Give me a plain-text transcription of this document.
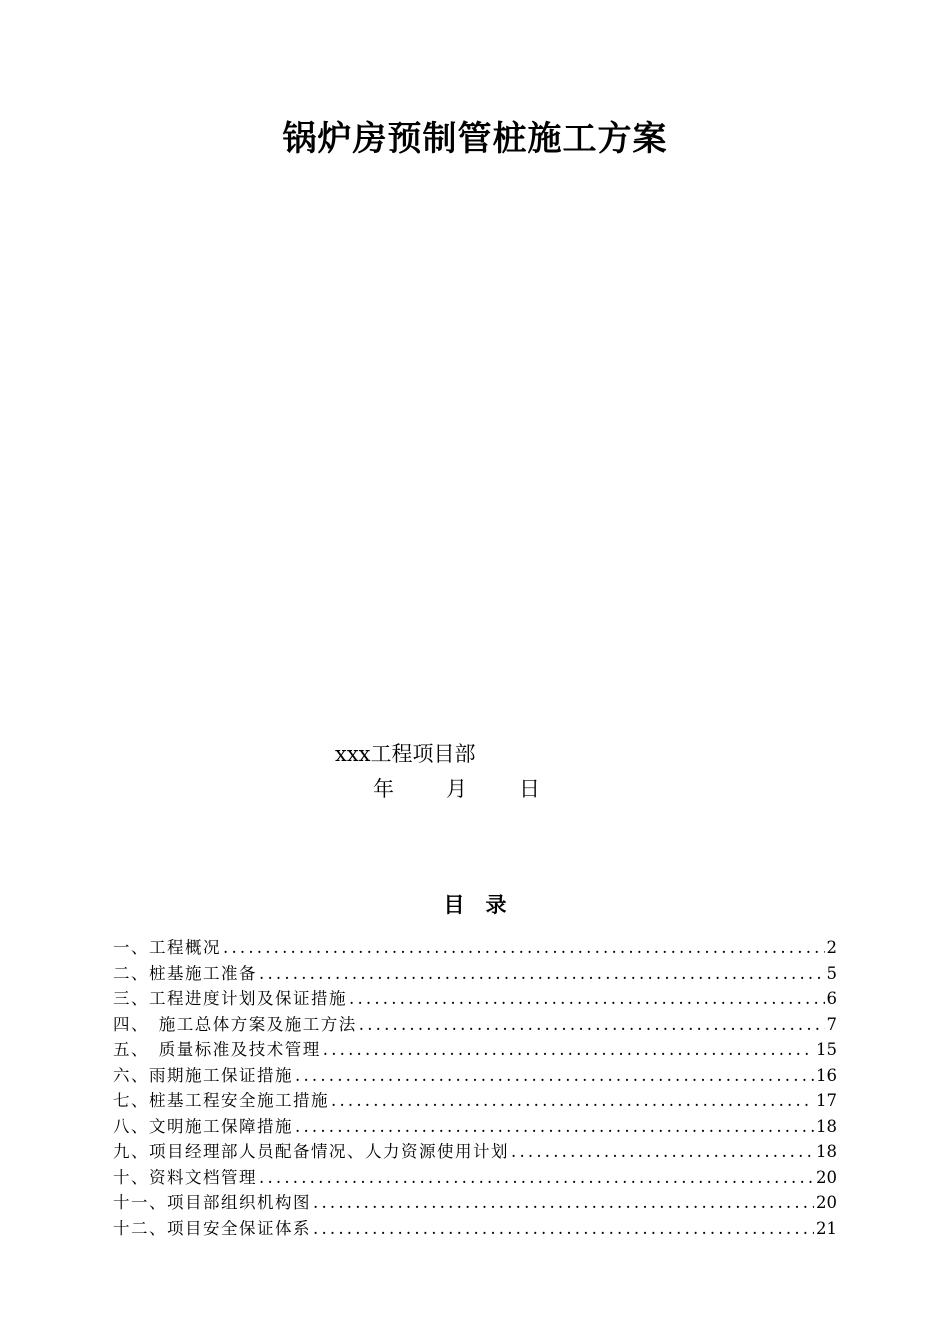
锅炉房预制管桩施工方案
xxx工程项目部
年 月 日
目　录
一、工程概况 .....	2
二、桩基施工准备 .....	5
三、工程进度计划及保证措施 .....	6
四、　施工总体方案及施工方法 .....	7
五、　质量标准及技术管理 .....	15
六、雨期施工保证措施 .....	16
七、桩基工程安全施工措施 .....	17
八、文明施工保障措施 .....	18
九、项目经理部人员配备情况、人力资源使用计划 .....	18
十、资料文档管理 .....	20
十一、项目部组织机构图 .....	20
十二、项目安全保证体系 .....	21
